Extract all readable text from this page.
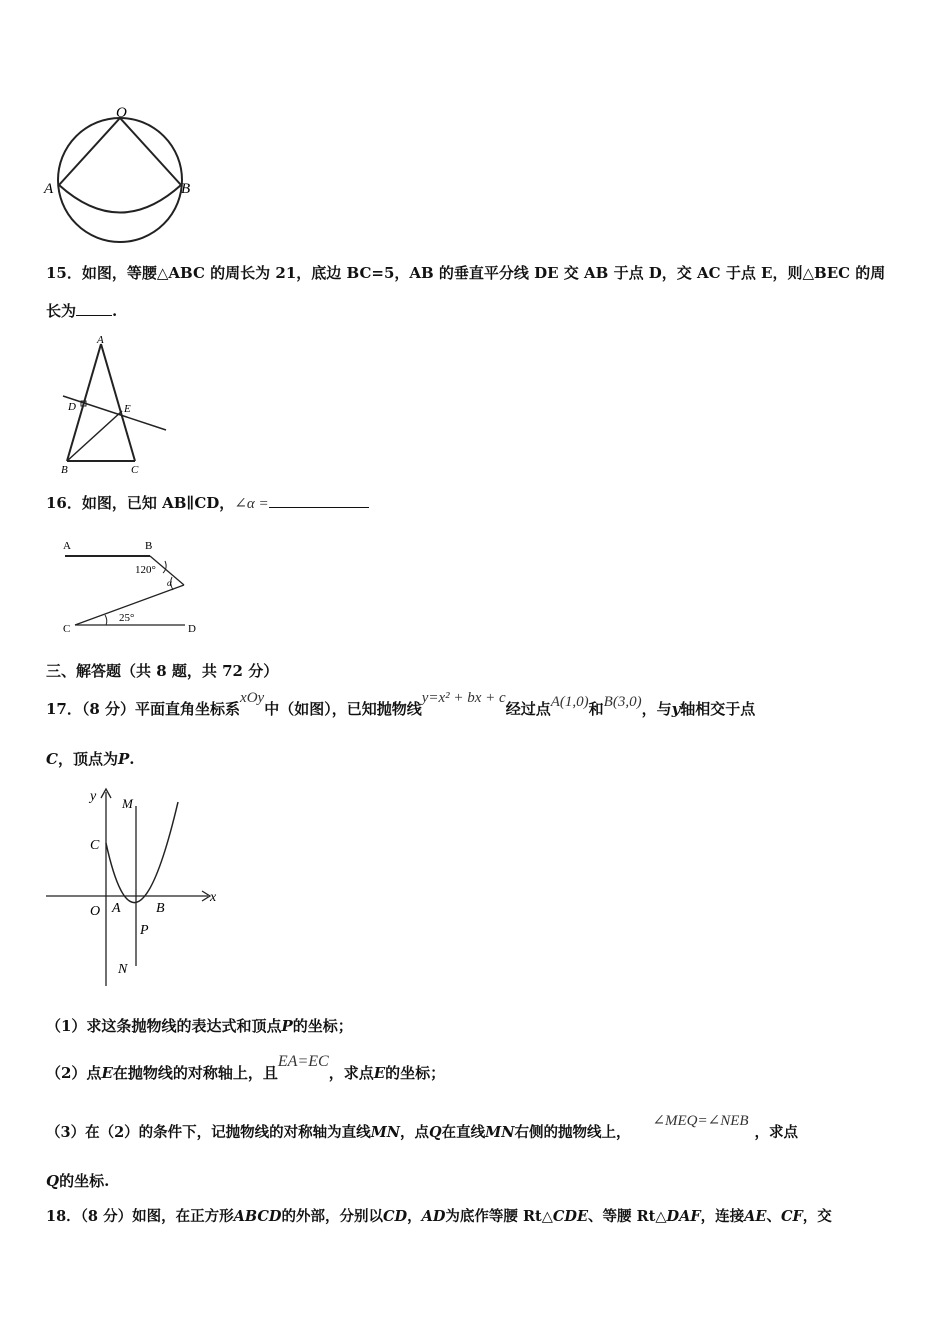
O
A	B
15．如图，等腰△ABC 的周长为 21，底边 BC=5，AB 的垂直平分线 DE 交 AB 于点 D，交 AC 于点 E，则△BEC 的周
长为 .
A
D	E
B	C
16．如图，已知 AB∥CD，∠α =
A	B
120°
α
25°
C	D
三、解答题（共 8 题，共 72 分）
17．（8 分）平面直角坐标系xOy中（如图），已知抛物线y=x² + bx + c经过点A(1,0)和B(3,0)，与y轴相交于点
C，顶点为P.
y M
C
O A	B
x
P
N
（1）求这条抛物线的表达式和顶点P的坐标；
（2）点E在抛物线的对称轴上，且EA=EC，求点E的坐标；
（3）在（2）的条件下，记抛物线的对称轴为直线MN，点Q在直线MN右侧的抛物线上，∠MEQ=∠NEB，求点
Q的坐标.
18．（8 分）如图，在正方形ABCD的外部，分别以CD，AD为底作等腰 Rt△CDE、等腰 Rt△DAF，连接AE、CF，交
